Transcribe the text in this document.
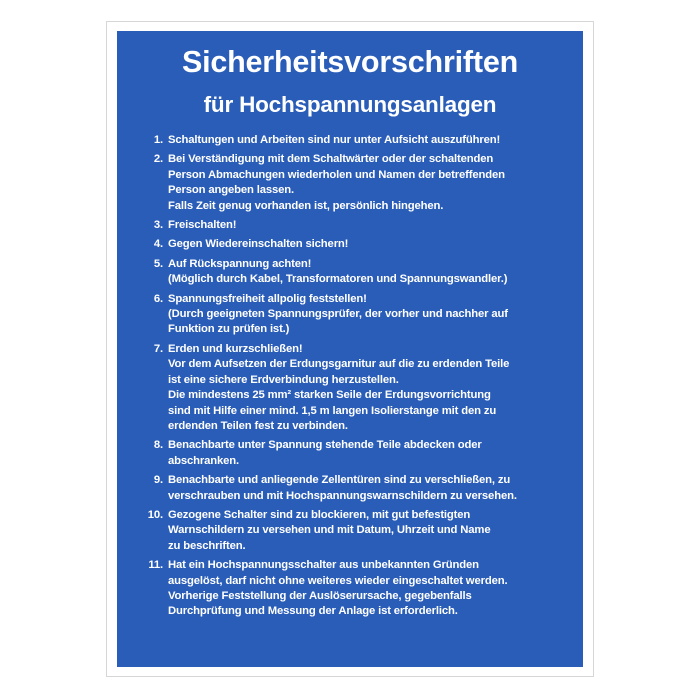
Sicherheitsvorschriften
für Hochspannungsanlagen
1. Schaltungen und Arbeiten sind nur unter Aufsicht auszuführen!
2. Bei Verständigung mit dem Schaltwärter oder der schaltenden
Person Abmachungen wiederholen und Namen der betreffenden
Person angeben lassen.
Falls Zeit genug vorhanden ist, persönlich hingehen.
3. Freischalten!
4. Gegen Wiedereinschalten sichern!
5. Auf Rückspannung achten!
(Möglich durch Kabel, Transformatoren und Spannungswandler.)
6. Spannungsfreiheit allpolig feststellen!
(Durch geeigneten Spannungsprüfer, der vorher und nachher auf
Funktion zu prüfen ist.)
7. Erden und kurzschließen!
Vor dem Aufsetzen der Erdungsgarnitur auf die zu erdenden Teile
ist eine sichere Erdverbindung herzustellen.
Die mindestens 25 mm² starken Seile der Erdungsvorrichtung
sind mit Hilfe einer mind. 1,5 m langen Isolierstange mit den zu
erdenden Teilen fest zu verbinden.
8. Benachbarte unter Spannung stehende Teile abdecken oder
abschranken.
9. Benachbarte und anliegende Zellentüren sind zu verschließen, zu
verschrauben und mit Hochspannungswarnschildern zu versehen.
10. Gezogene Schalter sind zu blockieren, mit gut befestigten
Warnschildern zu versehen und mit Datum, Uhrzeit und Name
zu beschriften.
11. Hat ein Hochspannungsschalter aus unbekannten Gründen
ausgelöst, darf nicht ohne weiteres wieder eingeschaltet werden.
Vorherige Feststellung der Auslöserursache, gegebenfalls
Durchprüfung und Messung der Anlage ist erforderlich.
